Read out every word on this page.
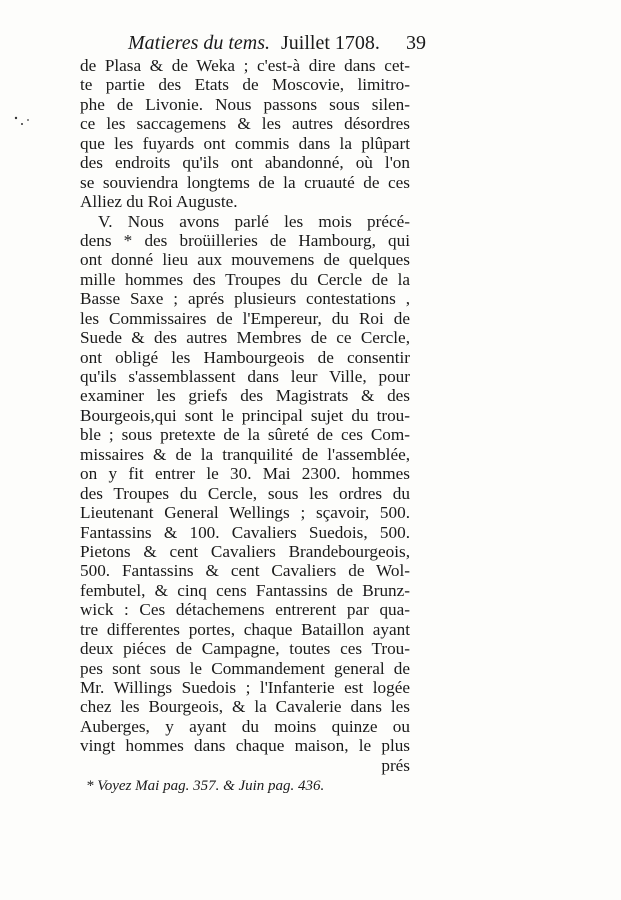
Matieres du tems. Juillet 1708. 39
de Plasa & de Weka ; c'est-à dire dans cet-
te partie des Etats de Moscovie, limitro-
phe de Livonie. Nous passons sous silen-
ce les saccagemens & les autres désordres
que les fuyards ont commis dans la plûpart
des endroits qu'ils ont abandonné, où l'on
se souviendra longtems de la cruauté de ces
Alliez du Roi Auguste.
V. Nous avons parlé les mois précé-
dens * des broüilleries de Hambourg, qui
ont donné lieu aux mouvemens de quelques
mille hommes des Troupes du Cercle de la
Basse Saxe ; aprés plusieurs contestations ,
les Commissaires de l'Empereur, du Roi de
Suede & des autres Membres de ce Cercle,
ont obligé les Hambourgeois de consentir
qu'ils s'assemblassent dans leur Ville, pour
examiner les griefs des Magistrats & des
Bourgeois,qui sont le principal sujet du trou-
ble ; sous pretexte de la sûreté de ces Com-
missaires & de la tranquilité de l'assemblée,
on y fit entrer le 30. Mai 2300. hommes
des Troupes du Cercle, sous les ordres du
Lieutenant General Wellings ; sçavoir, 500.
Fantassins & 100. Cavaliers Suedois, 500.
Pietons & cent Cavaliers Brandebourgeois,
500. Fantassins & cent Cavaliers de Wol-
fembutel, & cinq cens Fantassins de Brunz-
wick : Ces détachemens entrerent par qua-
tre differentes portes, chaque Bataillon ayant
deux piéces de Campagne, toutes ces Trou-
pes sont sous le Commandement general de
Mr. Willings Suedois ; l'Infanterie est logée
chez les Bourgeois, & la Cavalerie dans les
Auberges, y ayant du moins quinze ou
vingt hommes dans chaque maison, le plus
prés
* Voyez Mai pag. 357. & Juin pag. 436.
